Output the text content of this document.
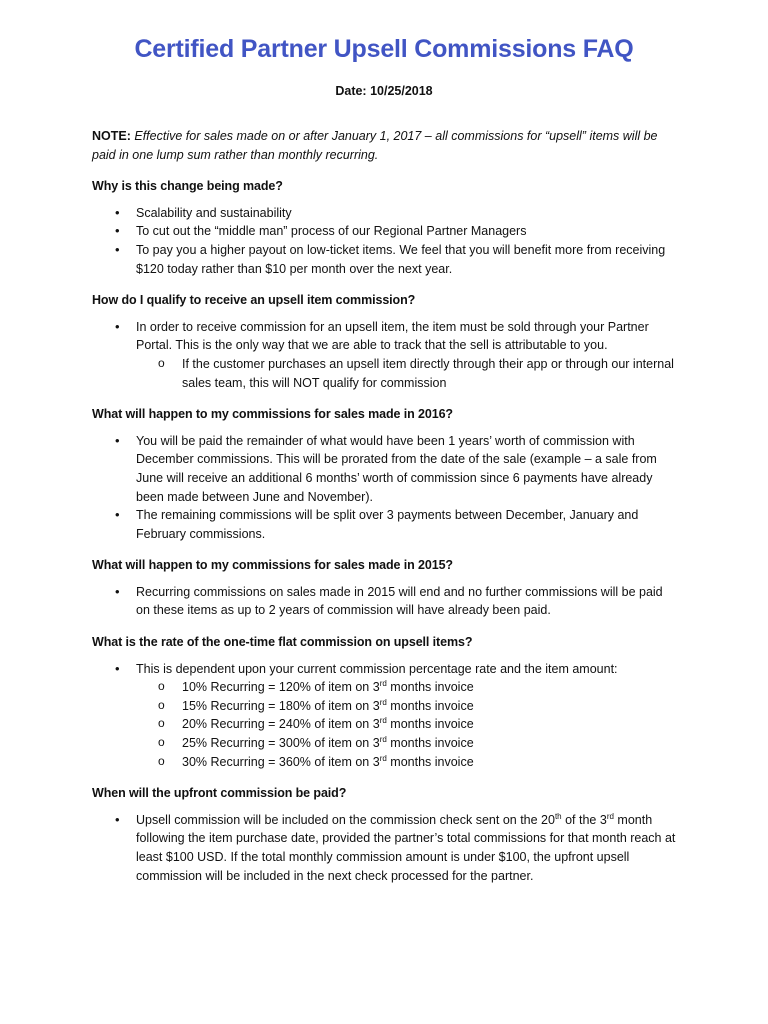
Certified Partner Upsell Commissions FAQ

Date: 10/25/2018

NOTE: Effective for sales made on or after January 1, 2017 – all commissions for “upsell” items will be paid in one lump sum rather than monthly recurring.

Why is this change being made?

• Scalability and sustainability
• To cut out the “middle man” process of our Regional Partner Managers
• To pay you a higher payout on low-ticket items. We feel that you will benefit more from receiving $120 today rather than $10 per month over the next year.

How do I qualify to receive an upsell item commission?

• In order to receive commission for an upsell item, the item must be sold through your Partner Portal. This is the only way that we are able to track that the sell is attributable to you.
o If the customer purchases an upsell item directly through their app or through our internal sales team, this will NOT qualify for commission

What will happen to my commissions for sales made in 2016?

• You will be paid the remainder of what would have been 1 years’ worth of commission with December commissions. This will be prorated from the date of the sale (example – a sale from June will receive an additional 6 months’ worth of commission since 6 payments have already been made between June and November).
• The remaining commissions will be split over 3 payments between December, January and February commissions.

What will happen to my commissions for sales made in 2015?

• Recurring commissions on sales made in 2015 will end and no further commissions will be paid on these items as up to 2 years of commission will have already been paid.

What is the rate of the one-time flat commission on upsell items?

• This is dependent upon your current commission percentage rate and the item amount:
o 10% Recurring = 120% of item on 3rd months invoice
o 15% Recurring = 180% of item on 3rd months invoice
o 20% Recurring = 240% of item on 3rd months invoice
o 25% Recurring = 300% of item on 3rd months invoice
o 30% Recurring = 360% of item on 3rd months invoice

When will the upfront commission be paid?

• Upsell commission will be included on the commission check sent on the 20th of the 3rd month following the item purchase date, provided the partner’s total commissions for that month reach at least $100 USD. If the total monthly commission amount is under $100, the upfront upsell commission will be included in the next check processed for the partner.
